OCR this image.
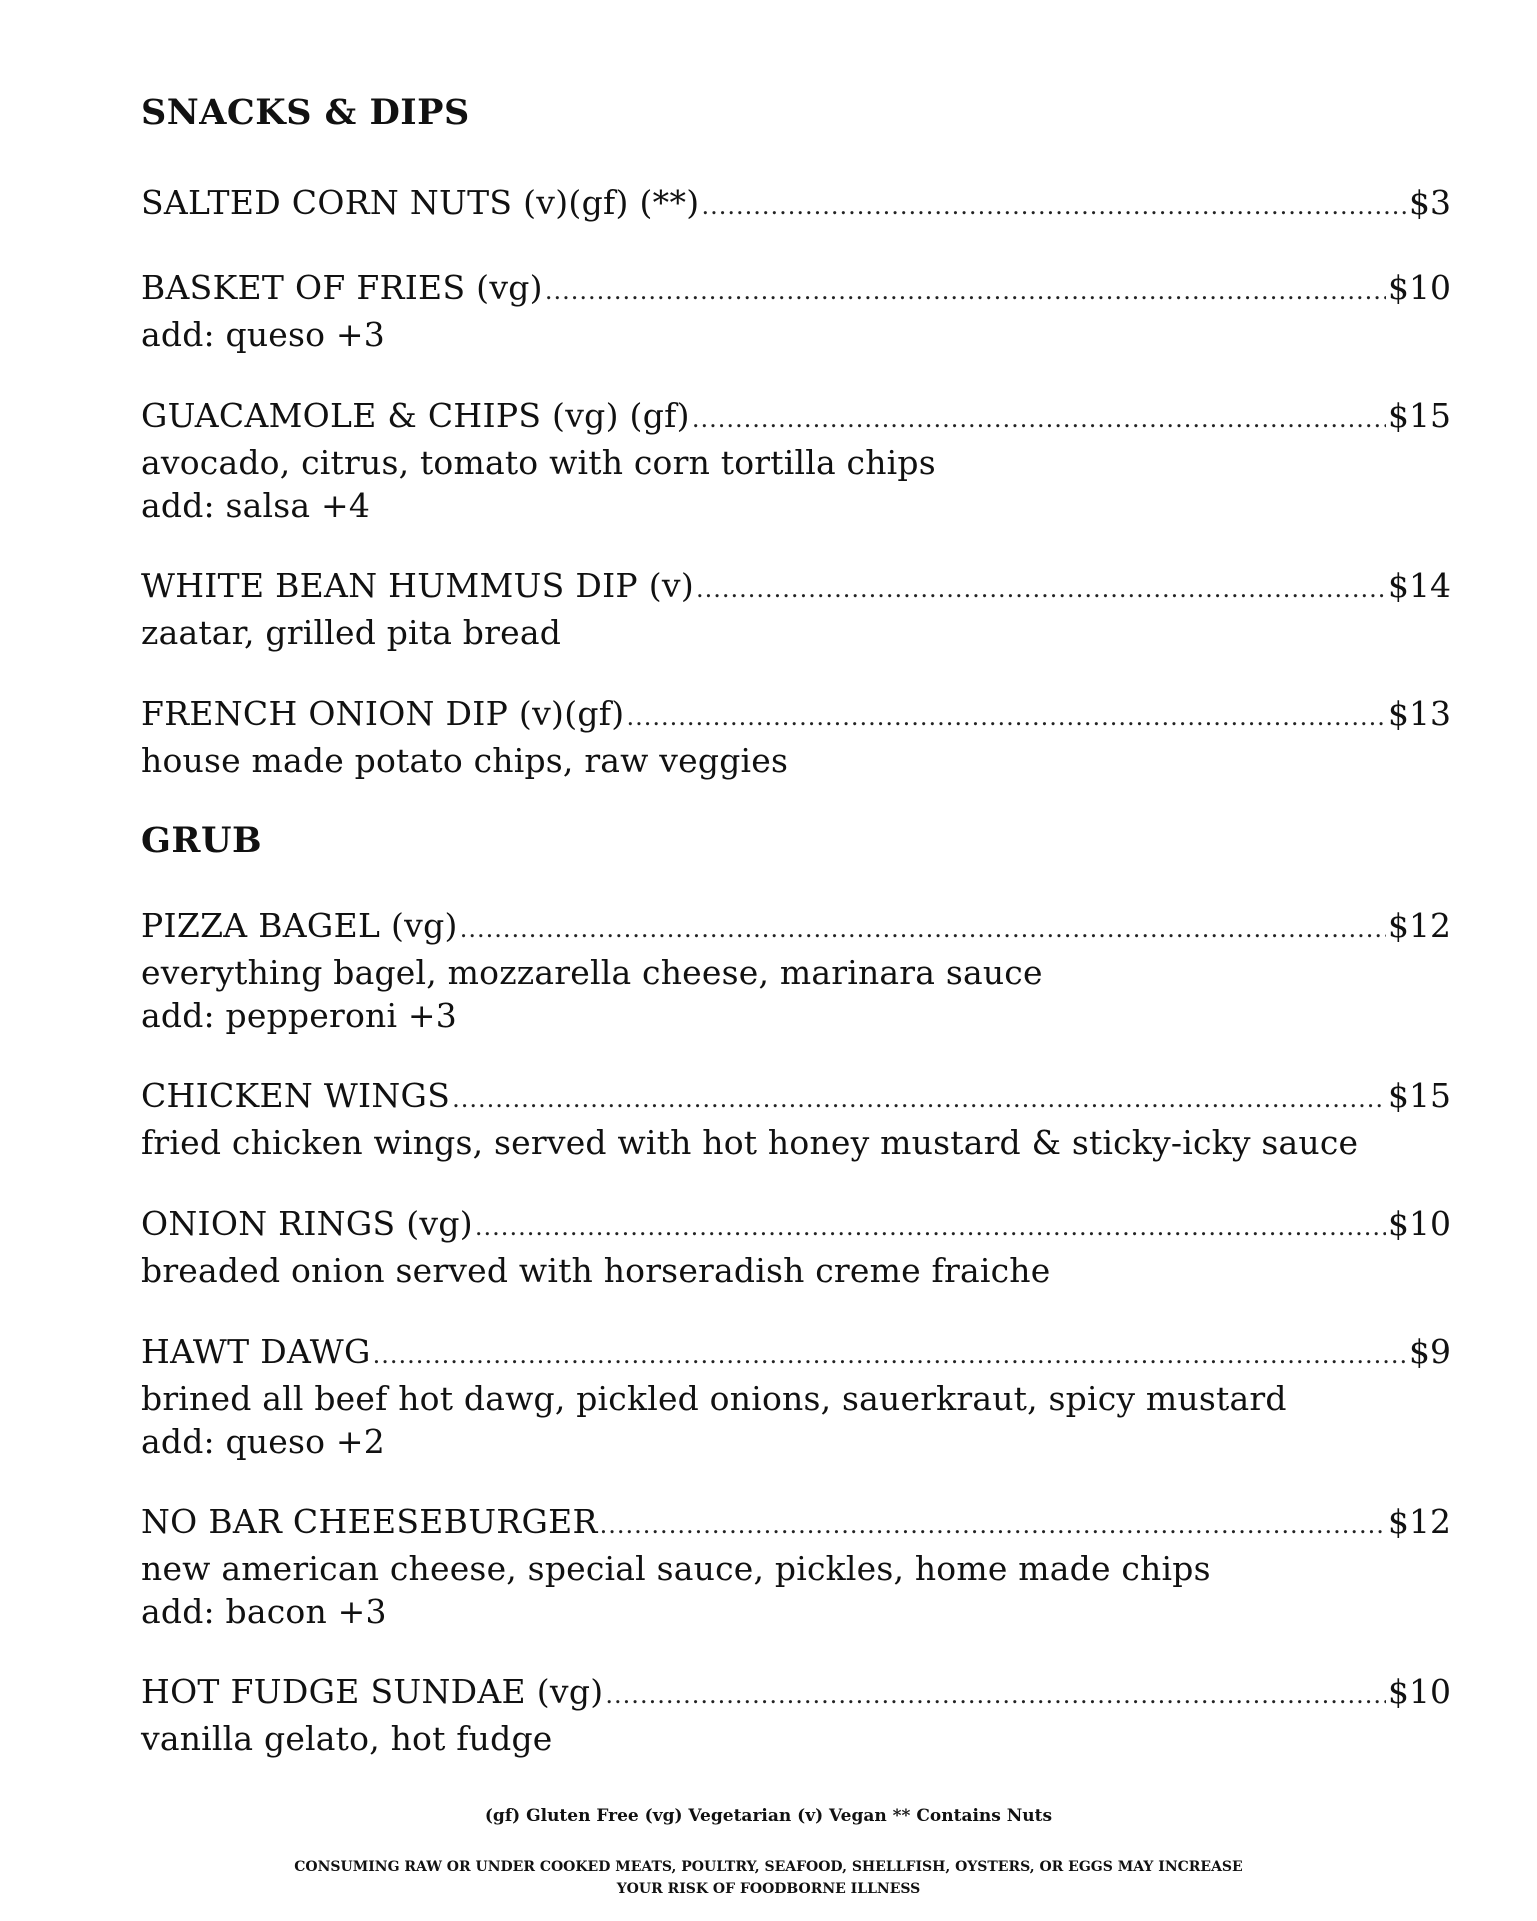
SNACKS & DIPS
SALTED CORN NUTS (v)(gf) (**) .....	$3
BASKET OF FRIES (vg) .....	$10
add: queso +3
GUACAMOLE & CHIPS (vg) (gf) .....	$15
avocado, citrus, tomato with corn tortilla chips
add: salsa +4
WHITE BEAN HUMMUS DIP (v) .....	$14
zaatar, grilled pita bread
FRENCH ONION DIP (v)(gf) .....	$13
house made potato chips, raw veggies
GRUB
PIZZA BAGEL (vg) .....	$12
everything bagel, mozzarella cheese, marinara sauce
add: pepperoni +3
CHICKEN WINGS .....	$15
fried chicken wings, served with hot honey mustard & sticky-icky sauce
ONION RINGS (vg) .....	$10
breaded onion served with horseradish creme fraiche
HAWT DAWG .....	$9
brined all beef hot dawg, pickled onions, sauerkraut, spicy mustard
add: queso +2
NO BAR CHEESEBURGER .....	$12
new american cheese, special sauce, pickles, home made chips
add: bacon +3
HOT FUDGE SUNDAE (vg) .....	$10
vanilla gelato, hot fudge
(gf) Gluten Free (vg) Vegetarian (v) Vegan ** Contains Nuts
CONSUMING RAW OR UNDER COOKED MEATS, POULTRY, SEAFOOD, SHELLFISH, OYSTERS, OR EGGS MAY INCREASE
YOUR RISK OF FOODBORNE ILLNESS
